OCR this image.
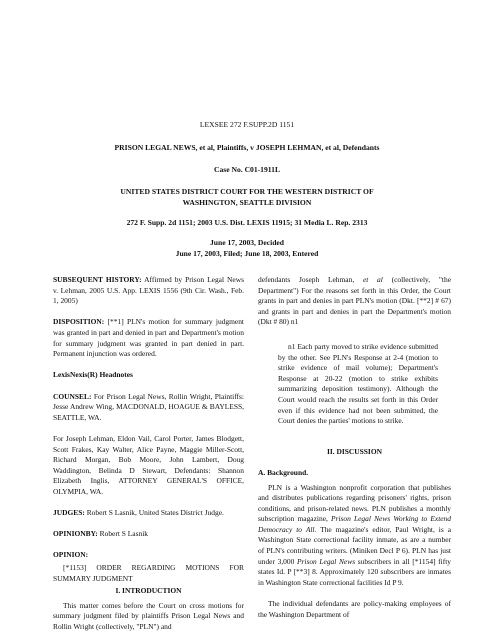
LEXSEE 272 F.SUPP.2D 1151
PRISON LEGAL NEWS, et al, Plaintiffs, v JOSEPH LEHMAN, et al, Defendants
Case No. C01-1911L
UNITED STATES DISTRICT COURT FOR THE WESTERN DISTRICT OF WASHINGTON, SEATTLE DIVISION
272 F. Supp. 2d 1151; 2003 U.S. Dist. LEXIS 11915; 31 Media L. Rep. 2313
June 17, 2003, Decided
June 17, 2003, Filed; June 18, 2003, Entered

SUBSEQUENT HISTORY: Affirmed by Prison Legal News v. Lehman, 2005 U.S. App. LEXIS 1556 (9th Cir. Wash., Feb. 1, 2005)

DISPOSITION: [**1] PLN's motion for summary judgment was granted in part and denied in part and Department's motion for summary judgment was granted in part denied in part. Permanent injunction was ordered.

LexisNexis(R) Headnotes

COUNSEL: For Prison Legal News, Rollin Wright, Plaintiffs: Jesse Andrew Wing, MACDONALD, HOAGUE & BAYLESS, SEATTLE, WA.

For Joseph Lehman, Eldon Vail, Carol Porter, James Blodgett, Scott Frakes, Kay Walter, Alice Payne, Maggie Miller-Scott, Richard Morgan, Bob Moore, John Lambert, Doug Waddington, Belinda D Stewart, Defendants: Shannon Elizabeth Inglis, ATTORNEY GENERAL'S OFFICE, OLYMPIA, WA.

JUDGES: Robert S Lasnik, United States District Judge.

OPINIONBY: Robert S Lasnik

OPINION:

[*1153] ORDER REGARDING MOTIONS FOR SUMMARY JUDGMENT

I. INTRODUCTION

This matter comes before the Court on cross motions for summary judgment filed by plaintiffs Prison Legal News and Rollin Wright (collectively, "PLN") and

defendants Joseph Lehman, et al (collectively, "the Department") For the reasons set forth in this Order, the Court grants in part and denies in part PLN's motion (Dkt. [**2] # 67) and grants in part and denies in part the Department's motion (Dkt # 80) n1

n1 Each party moved to strike evidence submitted by the other. See PLN's Response at 2-4 (motion to strike evidence of mail volume); Department's Response at 20-22 (motion to strike exhibits summarizing deposition testimony). Although the Court would reach the results set forth in this Order even if this evidence had not been submitted, the Court denies the parties' motions to strike.

II. DISCUSSION

A. Background.

PLN is a Washington nonprofit corporation that publishes and distributes publications regarding prisoners' rights, prison conditions, and prison-related news. PLN publishes a monthly subscription magazine, Prison Legal News Working to Extend Democracy to All. The magazine's editor, Paul Wright, is a Washington State correctional facility inmate, as are a number of PLN's contributing writers. (Miniken Decl P 6). PLN has just under 3,000 Prison Legal News subscribers in all [*1154] fifty states Id. P [**3] 8. Approximately 120 subscribers are inmates in Washington State correctional facilities Id P 9.

The individual defendants are policy-making employees of the Washington Department of
